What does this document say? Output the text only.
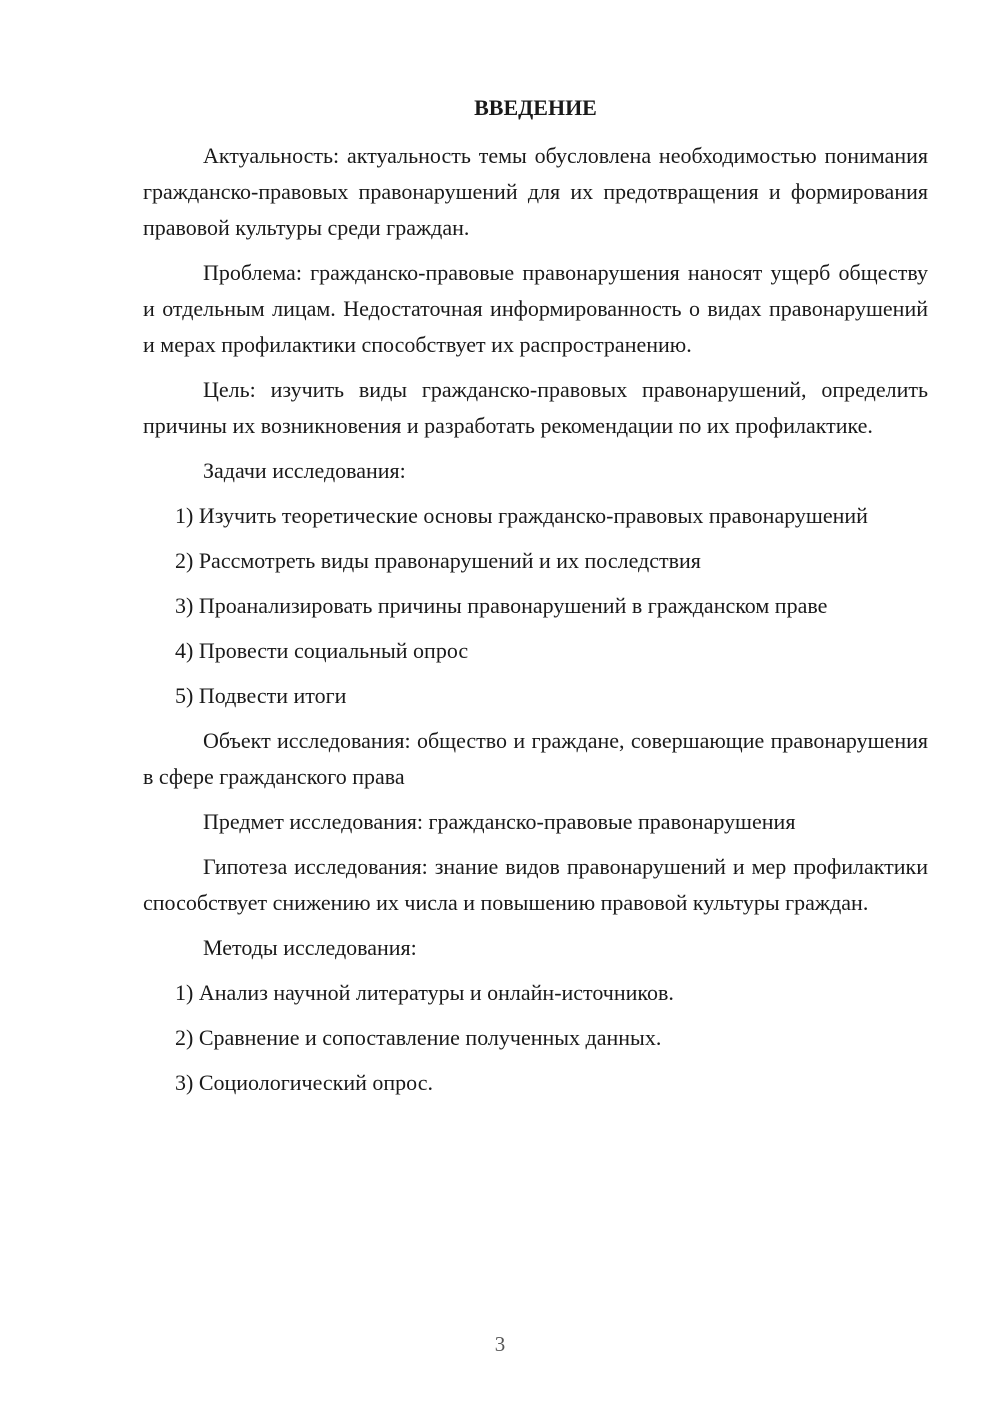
ВВЕДЕНИЕ

Актуальность: актуальность темы обусловлена необходимостью понимания гражданско-правовых правонарушений для их предотвращения и формирования правовой культуры среди граждан.

Проблема: гражданско-правовые правонарушения наносят ущерб обществу и отдельным лицам. Недостаточная информированность о видах правонарушений и мерах профилактики способствует их распространению.

Цель: изучить виды гражданско-правовых правонарушений, определить причины их возникновения и разработать рекомендации по их профилактике.

Задачи исследования:

1) Изучить теоретические основы гражданско-правовых правонарушений

2) Рассмотреть виды правонарушений и их последствия

3) Проанализировать причины правонарушений в гражданском праве

4) Провести социальный опрос

5) Подвести итоги

Объект исследования: общество и граждане, совершающие правонарушения в сфере гражданского права

Предмет исследования: гражданско-правовые правонарушения

Гипотеза исследования: знание видов правонарушений и мер профилактики способствует снижению их числа и повышению правовой культуры граждан.

Методы исследования:

1) Анализ научной литературы и онлайн-источников.

2) Сравнение и сопоставление полученных данных.

3) Социологический опрос.

3
